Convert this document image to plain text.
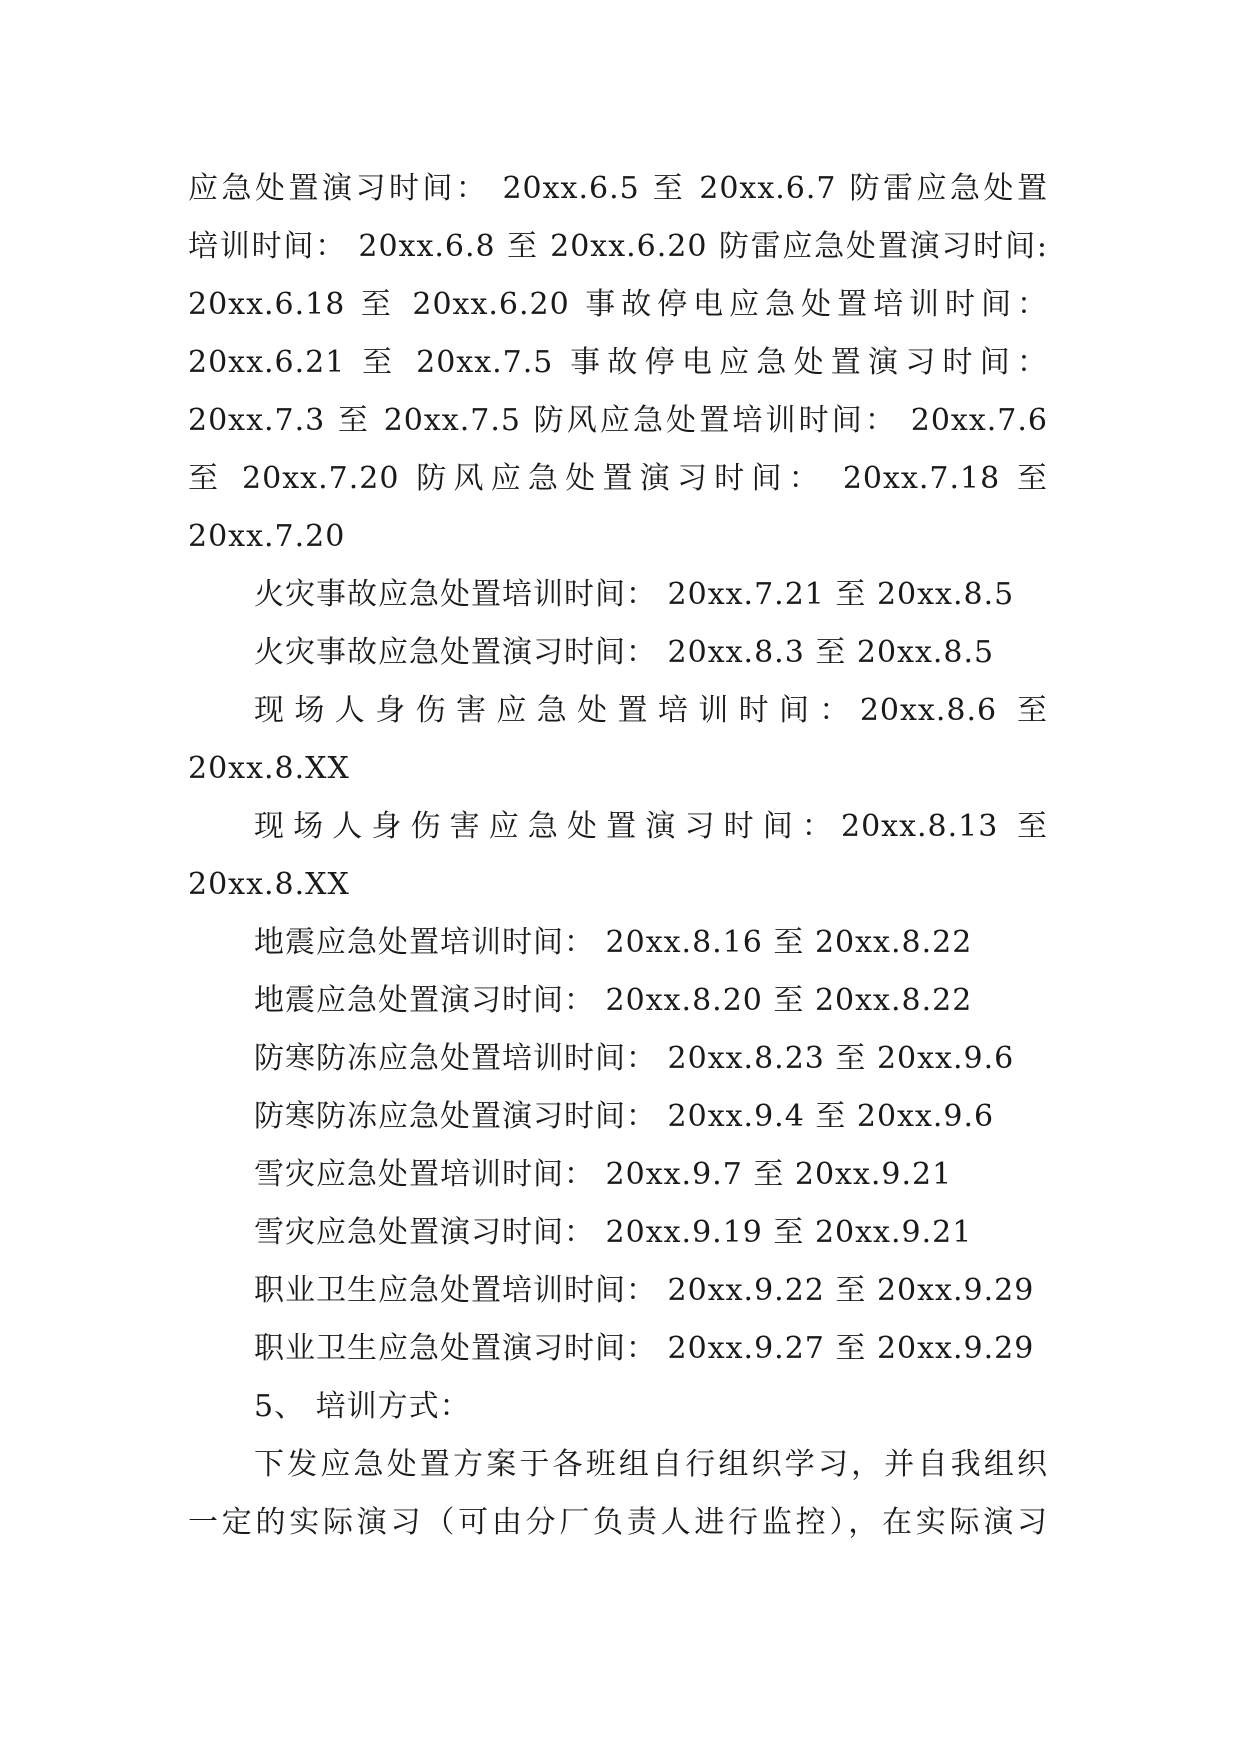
应急处置演习时间： 20xx.6.5 至 20xx.6.7 防雷应急处置
培训时间： 20xx.6.8 至 20xx.6.20 防雷应急处置演习时间:
20xx.6.18 至 20xx.6.20 事故停电应急处置培训时间：
20xx.6.21 至 20xx.7.5 事故停电应急处置演习时间：
20xx.7.3 至 20xx.7.5 防风应急处置培训时间： 20xx.7.6
至 20xx.7.20 防风应急处置演习时间： 20xx.7.18 至
20xx.7.20
火灾事故应急处置培训时间： 20xx.7.21 至 20xx.8.5
火灾事故应急处置演习时间： 20xx.8.3 至 20xx.8.5
现场人身伤害应急处置培训时间：20xx.8.6 至
20xx.8.XX
现场人身伤害应急处置演习时间：20xx.8.13 至
20xx.8.XX
地震应急处置培训时间： 20xx.8.16 至 20xx.8.22
地震应急处置演习时间： 20xx.8.20 至 20xx.8.22
防寒防冻应急处置培训时间： 20xx.8.23 至 20xx.9.6
防寒防冻应急处置演习时间： 20xx.9.4 至 20xx.9.6
雪灾应急处置培训时间： 20xx.9.7 至 20xx.9.21
雪灾应急处置演习时间： 20xx.9.19 至 20xx.9.21
职业卫生应急处置培训时间： 20xx.9.22 至 20xx.9.29
职业卫生应急处置演习时间： 20xx.9.27 至 20xx.9.29
5、 培训方式：
下发应急处置方案于各班组自行组织学习，并自我组织
一定的实际演习（可由分厂负责人进行监控），在实际演习
